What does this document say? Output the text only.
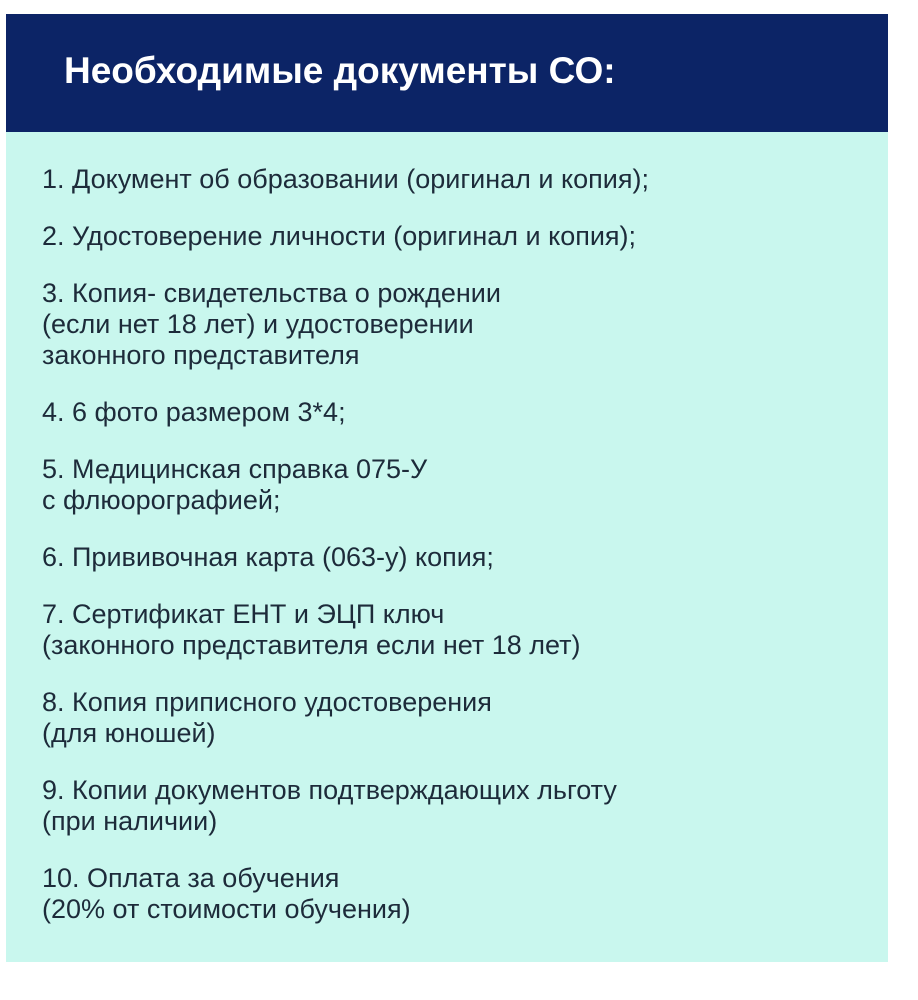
Необходимые документы СО:
1. Документ об образовании (оригинал и копия);
2. Удостоверение личности (оригинал и копия);
3. Копия- свидетельства о рождении
(если нет 18 лет) и удостоверении
законного представителя
4. 6 фото размером 3*4;
5. Медицинская справка 075-У
с флюорографией;
6. Прививочная карта (063-у) копия;
7. Сертификат ЕНТ и ЭЦП ключ
(законного представителя если нет 18 лет)
8. Копия приписного удостоверения
(для юношей)
9. Копии документов подтверждающих льготу
(при наличии)
10. Оплата за обучения
(20% от стоимости обучения)
